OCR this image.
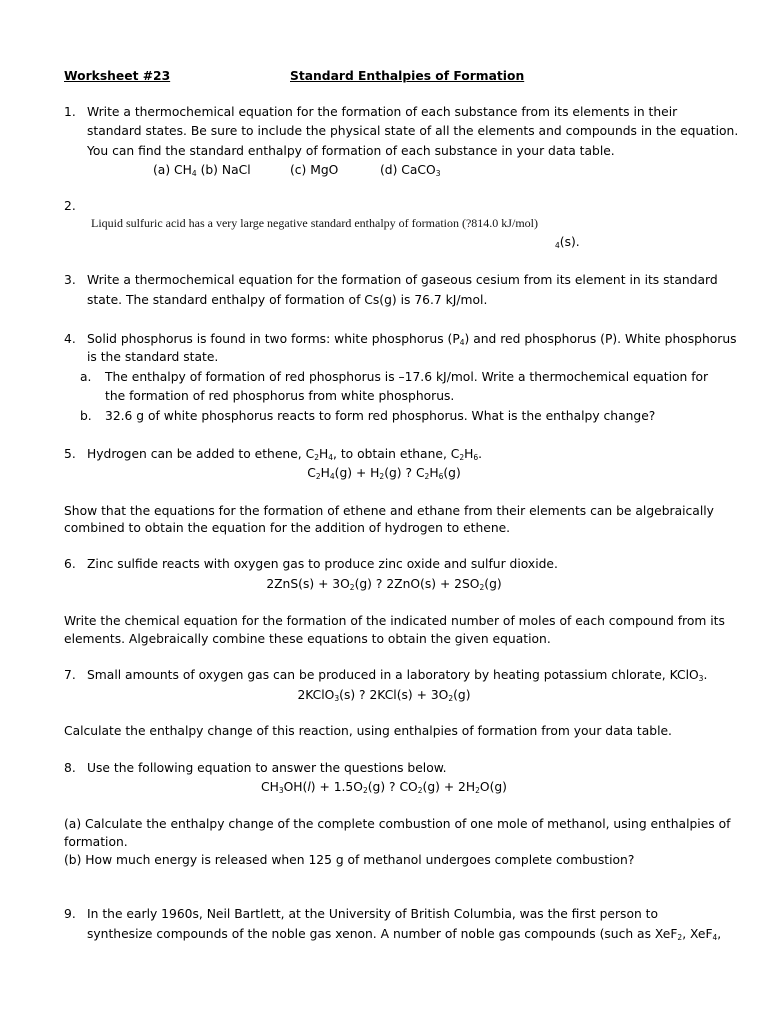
Worksheet #23	Standard Enthalpies of Formation
1. Write a thermochemical equation for the formation of each substance from its elements in their
standard states. Be sure to include the physical state of all the elements and compounds in the equation.
You can find the standard enthalpy of formation of each substance in your data table.
(a) $CH_4$ (b) NaCl	(c) MgO	(d) CaCO$_3$
2.
Liquid sulfuric acid has a very large negative standard enthalpy of formation (?814.0 kJ/mol)
$_4$(s).
3. Write a thermochemical equation for the formation of gaseous cesium from its element in its standard
state. The standard enthalpy of formation of Cs(g) is 76.7 kJ/mol.
4. Solid phosphorus is found in two forms: white phosphorus $(P_4)$ and red phosphorus (P). White phosphorus
is the standard state.
a. The enthalpy of formation of red phosphorus is –17.6 kJ/mol. Write a thermochemical equation for
the formation of red phosphorus from white phosphorus.
b. 32.6 g of white phosphorus reacts to form red phosphorus. What is the enthalpy change?
5. Hydrogen can be added to ethene, $C_2H_4$, to obtain ethane, $C_2H_6$.
$C_2H_4(g) + H_2(g)$ ? $C_2H_6(g)$
Show that the equations for the formation of ethene and ethane from their elements can be algebraically
combined to obtain the equation for the addition of hydrogen to ethene.
6. Zinc sulfide reacts with oxygen gas to produce zinc oxide and sulfur dioxide.
$2ZnS(s) + 3O_2(g)$ ? $2ZnO(s) + 2SO_2(g)$
Write the chemical equation for the formation of the indicated number of moles of each compound from its
elements. Algebraically combine these equations to obtain the given equation.
7. Small amounts of oxygen gas can be produced in a laboratory by heating potassium chlorate, KClO$_3$.
2KClO$_3$(s) ? $2KCl(s) + 3O_2(g)$
Calculate the enthalpy change of this reaction, using enthalpies of formation from your data table.
8. Use the following equation to answer the questions below.
$CH_3OH(l) + 1.5O_2(g)$ ? $CO_2(g) + 2H_2O(g)$
(a) Calculate the enthalpy change of the complete combustion of one mole of methanol, using enthalpies of
formation.
(b) How much energy is released when 125 g of methanol undergoes complete combustion?
9. In the early 1960s, Neil Bartlett, at the University of British Columbia, was the first person to
synthesize compounds of the noble gas xenon. A number of noble gas compounds (such as XeF$_2$, XeF$_4$,
